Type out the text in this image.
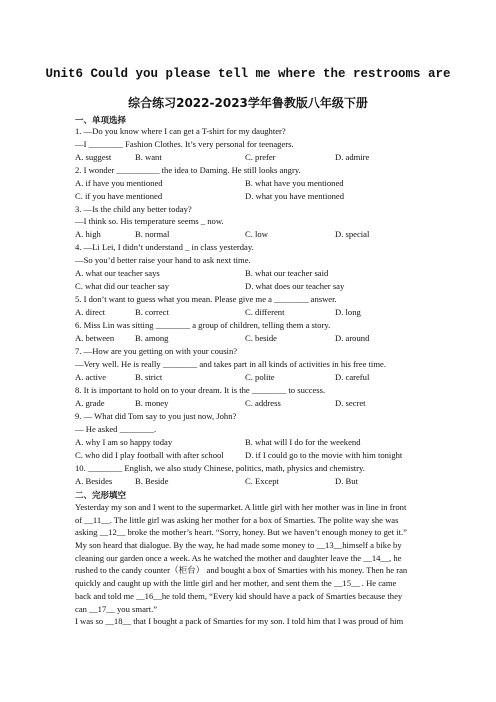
Unit6 Could you please tell me where the restrooms are
综合练习2022-2023学年鲁教版八年级下册
一、单项选择
1. —Do you know where I can get a T-shirt for my daughter?
—I ________ Fashion Clothes. It’s very personal for teenagers.
A. suggest	B. want	C. prefer	D. admire
2. I wonder __________ the idea to Daming. He still looks angry.
A. if have you mentioned	B. what have you mentioned
C. if you have mentioned	D. what you have mentioned
3. —Is the child any better today?
—I think so. His temperature seems _ now.
A. high	B. normal	C. low	D. special
4. —Li Lei, I didn’t understand _ in class yesterday.
—So you’d better raise your hand to ask next time.
A. what our teacher says	B. what our teacher said
C. what did our teacher say	D. what does our teacher say
5. I don’t want to guess what you mean. Please give me a ________ answer.
A. direct	B. correct	C. different	D. long
6. Miss Lin was sitting ________ a group of children, telling them a story.
A. between B. among	C. beside	D. around
7. —How are you getting on with your cousin?
—Very well. He is really ________ and takes part in all kinds of activities in his free time.
A. active	B. strict	C. polite	D. careful
8. It is important to hold on to your dream. It is the ________ to success.
A. grade	B. money	C. address	D. secret
9. — What did Tom say to you just now, John?
— He asked ________.
A. why I am so happy today	B. what will I do for the weekend
C. who did I play football with after school D. if I could go to the movie with him tonight
10. ________ English, we also study Chinese, politics, math, physics and chemistry.
A. Besides	B. Beside	C. Except	D. But
二、完形填空
Yesterday my son and I went to the supermarket. A little girl with her mother was in line in front
of __11__. The little girl was asking her mother for a box of Smarties. The polite way she was
asking __12__ broke the mother’s heart. “Sorry, honey. But we haven’t enough money to get it.”
My son heard that dialogue. By the way, he had made some money to __13__himself a bike by
cleaning our garden once a week. As he watched the mother and daughter leave the __14__, he
rushed to the candy counter（柜台） and bought a box of Smarties with his money. Then he ran
quickly and caught up with the little girl and her mother, and sent them the __15__ . He came
back and told me __16__he told them, “Every kid should have a pack of Smarties because they
can __17__ you smart.”
I was so __18__ that I bought a pack of Smarties for my son. I told him that I was proud of him
